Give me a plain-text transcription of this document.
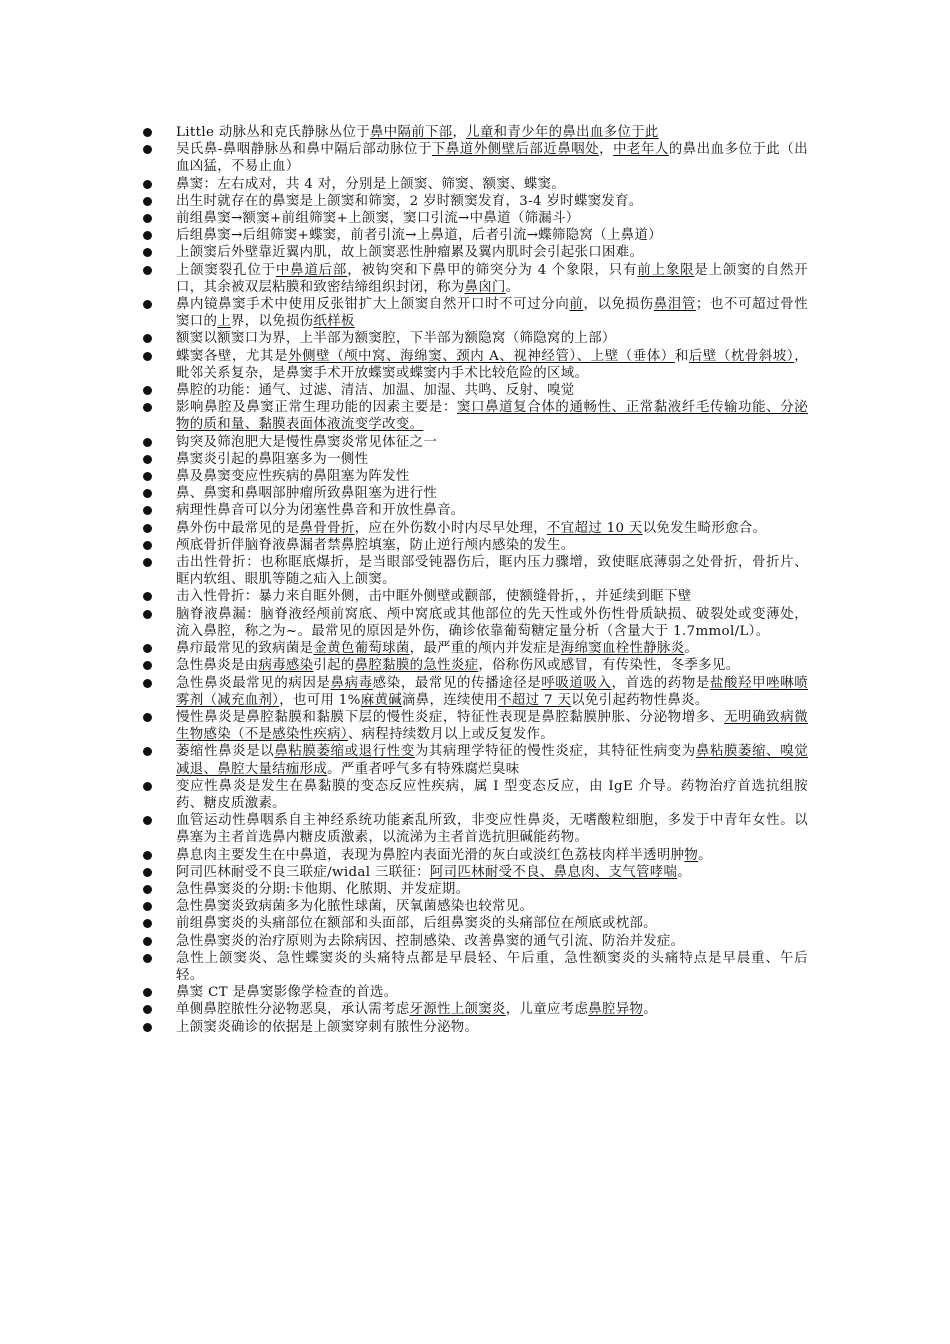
Little 动脉丛和克氏静脉丛位于鼻中隔前下部，儿童和青少年的鼻出血多位于此
吴氏鼻-鼻咽静脉丛和鼻中隔后部动脉位于下鼻道外侧壁后部近鼻咽处，中老年人的鼻出血多位于此（出血凶猛，不易止血）
鼻窦：左右成对，共 4 对，分别是上颌窦、筛窦、额窦、蝶窦。
出生时就存在的鼻窦是上颌窦和筛窦，2 岁时额窦发育，3-4 岁时蝶窦发育。
前组鼻窦→额窦+前组筛窦+上颌窦，窦口引流→中鼻道（筛漏斗）
后组鼻窦→后组筛窦+蝶窦，前者引流→上鼻道，后者引流→蝶筛隐窝（上鼻道）
上颌窦后外壁靠近翼内肌，故上颌窦恶性肿瘤累及翼内肌时会引起张口困难。
上颌窦裂孔位于中鼻道后部，被钩突和下鼻甲的筛突分为 4 个象限，只有前上象限是上颌窦的自然开口，其余被双层粘膜和致密结缔组织封闭，称为鼻囟门。
鼻内镜鼻窦手术中使用反张钳扩大上颌窦自然开口时不可过分向前，以免损伤鼻泪管；也不可超过骨性窦口的上界，以免损伤纸样板
额窦以额窦口为界，上半部为额窦腔，下半部为额隐窝（筛隐窝的上部）
蝶窦各壁，尤其是外侧壁（颅中窝、海绵窦、颈内 A、视神经管）、上壁（垂体）和后壁（枕骨斜坡），毗邻关系复杂，是鼻窦手术开放蝶窦或蝶窦内手术比较危险的区域。
鼻腔的功能：通气、过滤、清洁、加温、加湿、共鸣、反射、嗅觉
影响鼻腔及鼻窦正常生理功能的因素主要是：窦口鼻道复合体的通畅性、正常黏液纤毛传输功能、分泌物的质和量、黏膜表面体液流变学改变。
钩突及筛泡肥大是慢性鼻窦炎常见体征之一
鼻窦炎引起的鼻阻塞多为一侧性
鼻及鼻窦变应性疾病的鼻阻塞为阵发性
鼻、鼻窦和鼻咽部肿瘤所致鼻阻塞为进行性
病理性鼻音可以分为闭塞性鼻音和开放性鼻音。
鼻外伤中最常见的是鼻骨骨折，应在外伤数小时内尽早处理，不宜超过 10 天以免发生畸形愈合。
颅底骨折伴脑脊液鼻漏者禁鼻腔填塞，防止逆行颅内感染的发生。
击出性骨折：也称眶底爆折，是当眼部受钝器伤后，眶内压力骤增，致使眶底薄弱之处骨折，骨折片、眶内软组、眼肌等随之疝入上颌窦。
击入性骨折：暴力来自眶外侧，击中眶外侧壁或颧部，使额缝骨折，，并延续到眶下壁
脑脊液鼻漏：脑脊液经颅前窝底、颅中窝底或其他部位的先天性或外伤性骨质缺损、破裂处或变薄处，流入鼻腔，称之为~。最常见的原因是外伤，确诊依靠葡萄糖定量分析（含量大于 1.7mmol/L）。
鼻疖最常见的致病菌是金黄色葡萄球菌，最严重的颅内并发症是海绵窦血栓性静脉炎。
急性鼻炎是由病毒感染引起的鼻腔黏膜的急性炎症，俗称伤风或感冒，有传染性，冬季多见。
急性鼻炎最常见的病因是鼻病毒感染，最常见的传播途径是呼吸道吸入，首选的药物是盐酸羟甲唑啉喷雾剂（减充血剂），也可用 1%麻黄碱滴鼻，连续使用不超过 7 天以免引起药物性鼻炎。
慢性鼻炎是鼻腔黏膜和黏膜下层的慢性炎症，特征性表现是鼻腔黏膜肿胀、分泌物增多、无明确致病微生物感染（不是感染性疾病）、病程持续数月以上或反复发作。
萎缩性鼻炎是以鼻粘膜萎缩或退行性变为其病理学特征的慢性炎症，其特征性病变为鼻粘膜萎缩、嗅觉减退、鼻腔大量结痂形成。严重者呼气多有特殊腐烂臭味
变应性鼻炎是发生在鼻黏膜的变态反应性疾病，属 I 型变态反应，由 IgE 介导。药物治疗首选抗组胺药、糖皮质激素。
血管运动性鼻咽系自主神经系统功能紊乱所致，非变应性鼻炎，无嗜酸粒细胞，多发于中青年女性。以鼻塞为主者首选鼻内糖皮质激素，以流涕为主者首选抗胆碱能药物。
鼻息肉主要发生在中鼻道，表现为鼻腔内表面光滑的灰白或淡红色荔枝肉样半透明肿物。
阿司匹林耐受不良三联症/widal 三联征：阿司匹林耐受不良、鼻息肉、支气管哮喘。
急性鼻窦炎的分期:卡他期、化脓期、并发症期。
急性鼻窦炎致病菌多为化脓性球菌，厌氧菌感染也较常见。
前组鼻窦炎的头痛部位在额部和头面部，后组鼻窦炎的头痛部位在颅底或枕部。
急性鼻窦炎的治疗原则为去除病因、控制感染、改善鼻窦的通气引流、防治并发症。
急性上颌窦炎、急性蝶窦炎的头痛特点都是早晨轻、午后重，急性额窦炎的头痛特点是早晨重、午后轻。
鼻窦 CT 是鼻窦影像学检查的首选。
单侧鼻腔脓性分泌物恶臭，承认需考虑牙源性上颌窦炎，儿童应考虑鼻腔异物。
上颌窦炎确诊的依据是上颌窦穿刺有脓性分泌物。
